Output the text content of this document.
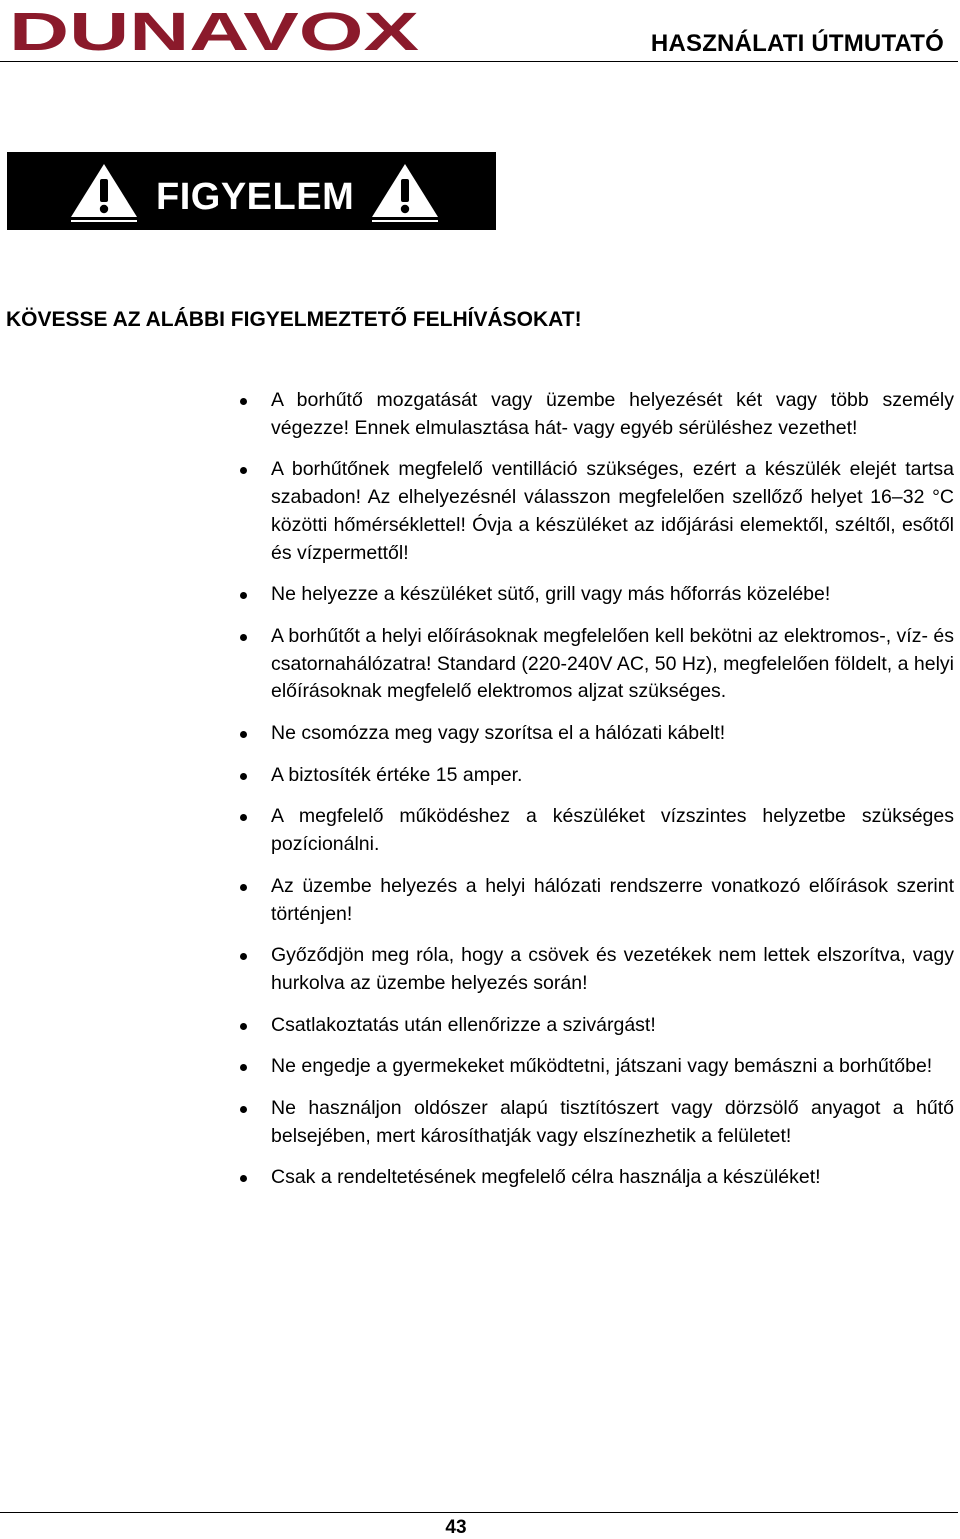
DUNAVOX	HASZNÁLATI ÚTMUTATÓ
FIGYELEM
KÖVESSE AZ ALÁBBI FIGYELMEZTETŐ FELHÍVÁSOKAT!
A borhűtő mozgatását vagy üzembe helyezését két vagy több személy végezze! Ennek elmulasztása hát- vagy egyéb sérüléshez vezethet!
A borhűtőnek megfelelő ventilláció szükséges, ezért a készülék elejét tartsa szabadon! Az elhelyezésnél válasszon megfelelően szellőző helyet 16–32 °C közötti hőmérséklettel! Óvja a készüléket az időjárási elemektől, széltől, esőtől és vízpermettől!
Ne helyezze a készüléket sütő, grill vagy más hőforrás közelébe!
A borhűtőt a helyi előírásoknak megfelelően kell bekötni az elektromos-, víz- és csatornahálózatra! Standard (220-240V AC, 50 Hz), megfelelően földelt, a helyi előírásoknak megfelelő elektromos aljzat szükséges.
Ne csomózza meg vagy szorítsa el a hálózati kábelt!
A biztosíték értéke 15 amper.
A megfelelő működéshez a készüléket vízszintes helyzetbe szükséges pozícionálni.
Az üzembe helyezés a helyi hálózati rendszerre vonatkozó előírások szerint történjen!
Győződjön meg róla, hogy a csövek és vezetékek nem lettek elszorítva, vagy hurkolva az üzembe helyezés során!
Csatlakoztatás után ellenőrizze a szivárgást!
Ne engedje a gyermekeket működtetni, játszani vagy bemászni a borhűtőbe!
Ne használjon oldószer alapú tisztítószert vagy dörzsölő anyagot a hűtő belsejében, mert károsíthatják vagy elszínezhetik a felületet!
Csak a rendeltetésének megfelelő célra használja a készüléket!
43
